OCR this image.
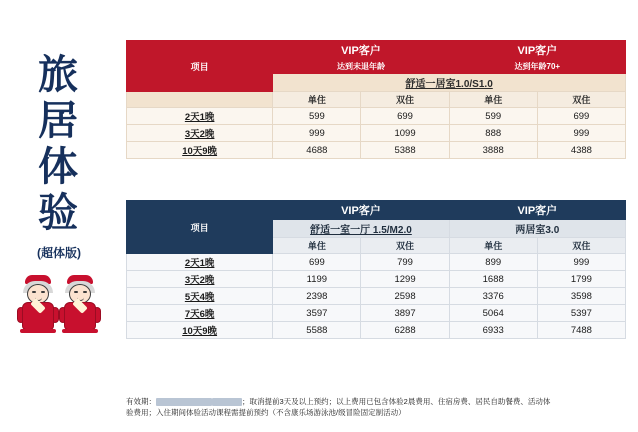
旅
居
体
验
(超体版)
项目	VIP客户		VIP客户	
	达到未退年龄		达到年龄70+	
	舒适一居室1.0/S1.0			
	单住	双住	单住	双住
2天1晚	599	699	599	699
3天2晚	999	1099	888	999
10天9晚	4688	5388	3888	4388
项目	VIP客户		VIP客户	
	舒适一室一厅 1.5/M2.0		两居室3.0	
	单住	双住	单住	双住
2天1晚	699	799	899	999
3天2晚	1199	1299	1688	1799
5天4晚	2398	2598	3376	3598
7天6晚	3597	3897	5064	5397
10天9晚	5588	6288	6933	7488
有效期：	；取消提前3天及以上预约；以上费用已包含体验2晨费用、住宿房费、居民自助餐费、活动体
验费用；入住期间体验活动课程需提前预约（不含康乐场游泳池/级冒险固定制活动）
